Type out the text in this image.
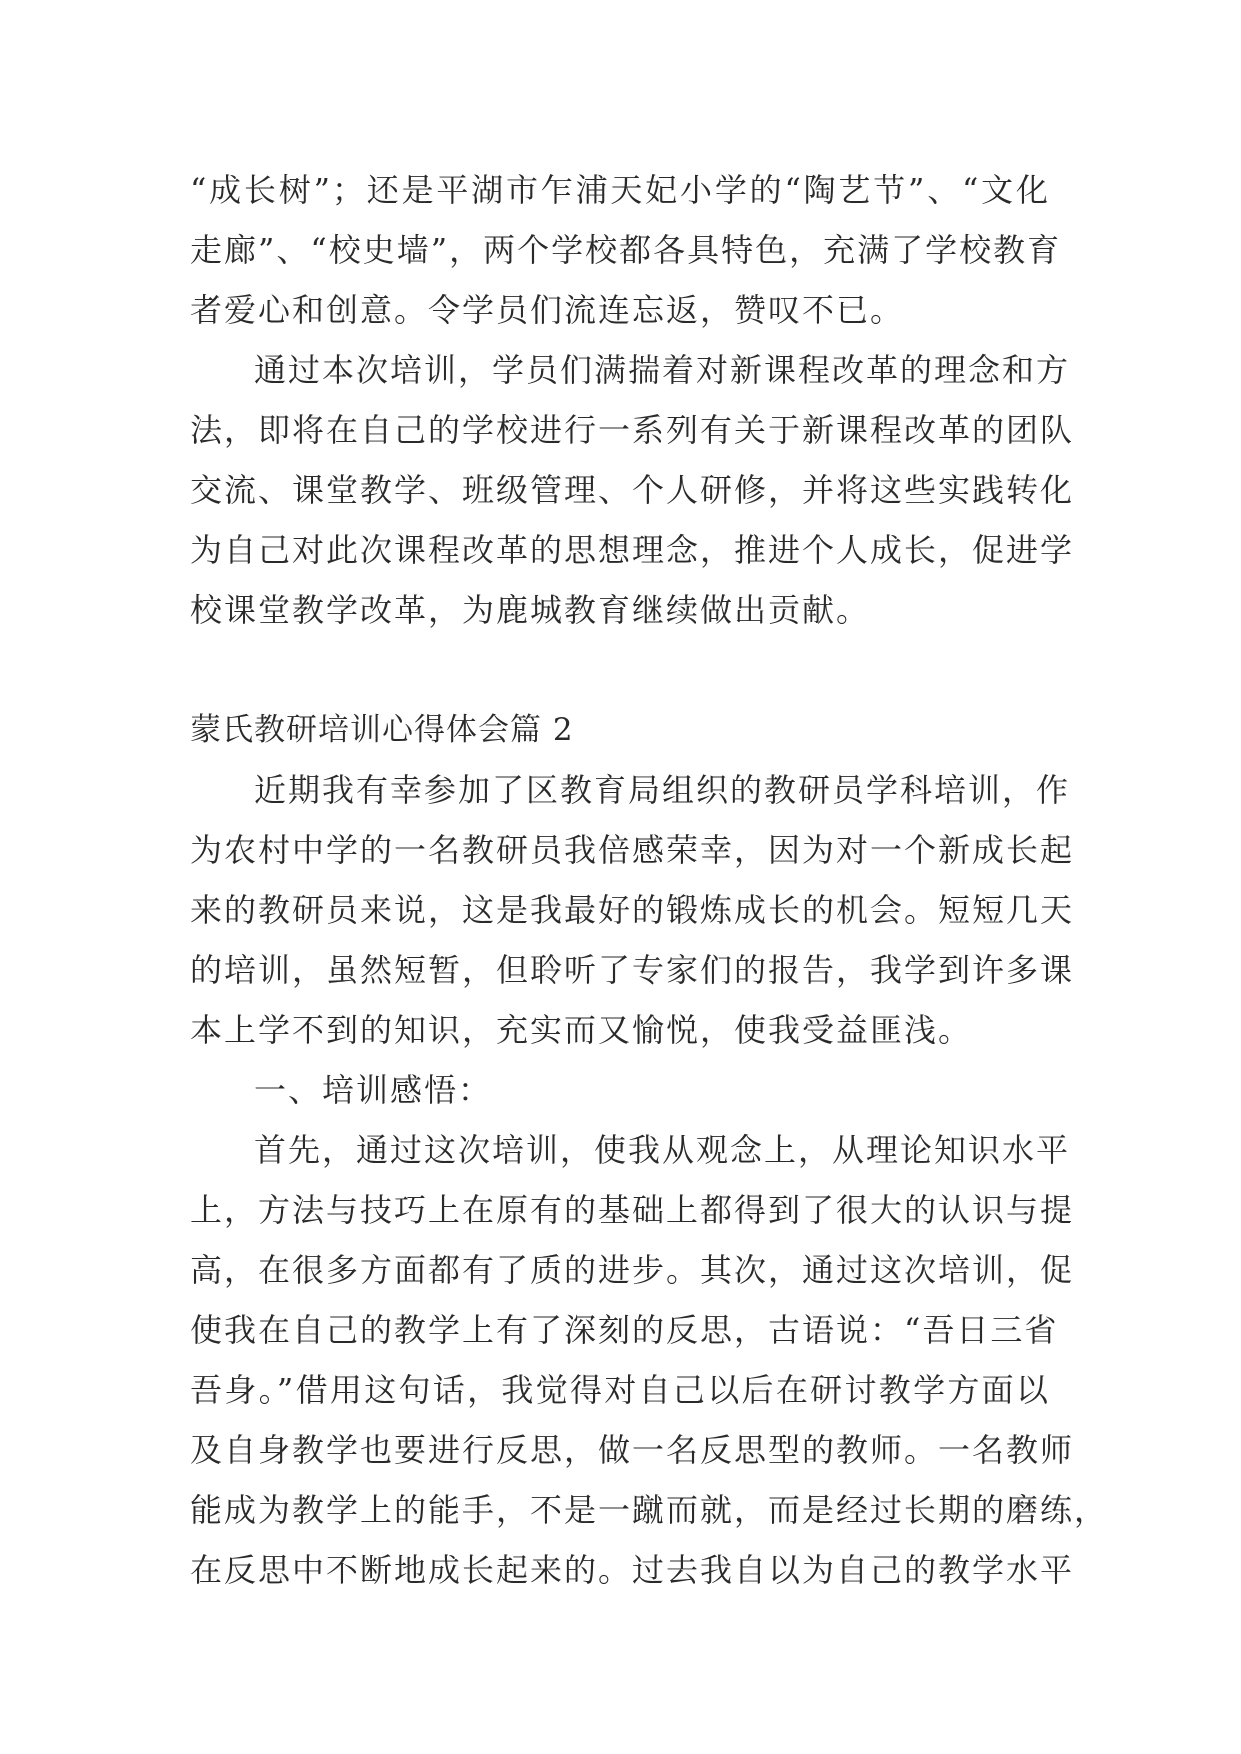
“成长树”；还是平湖市乍浦天妃小学的“陶艺节”、“文化
走廊”、“校史墙”，两个学校都各具特色，充满了学校教育
者爱心和创意。令学员们流连忘返，赞叹不已。
通过本次培训，学员们满揣着对新课程改革的理念和方
法，即将在自己的学校进行一系列有关于新课程改革的团队
交流、课堂教学、班级管理、个人研修，并将这些实践转化
为自己对此次课程改革的思想理念，推进个人成长，促进学
校课堂教学改革，为鹿城教育继续做出贡献。
蒙氏教研培训心得体会篇 2
近期我有幸参加了区教育局组织的教研员学科培训，作
为农村中学的一名教研员我倍感荣幸，因为对一个新成长起
来的教研员来说，这是我最好的锻炼成长的机会。短短几天
的培训，虽然短暂，但聆听了专家们的报告，我学到许多课
本上学不到的知识，充实而又愉悦，使我受益匪浅。
一、培训感悟：
首先，通过这次培训，使我从观念上，从理论知识水平
上，方法与技巧上在原有的基础上都得到了很大的认识与提
高，在很多方面都有了质的进步。其次，通过这次培训，促
使我在自己的教学上有了深刻的反思，古语说：“吾日三省
吾身。”借用这句话，我觉得对自己以后在研讨教学方面以
及自身教学也要进行反思，做一名反思型的教师。一名教师
能成为教学上的能手，不是一蹴而就，而是经过长期的磨练，
在反思中不断地成长起来的。过去我自以为自己的教学水平
